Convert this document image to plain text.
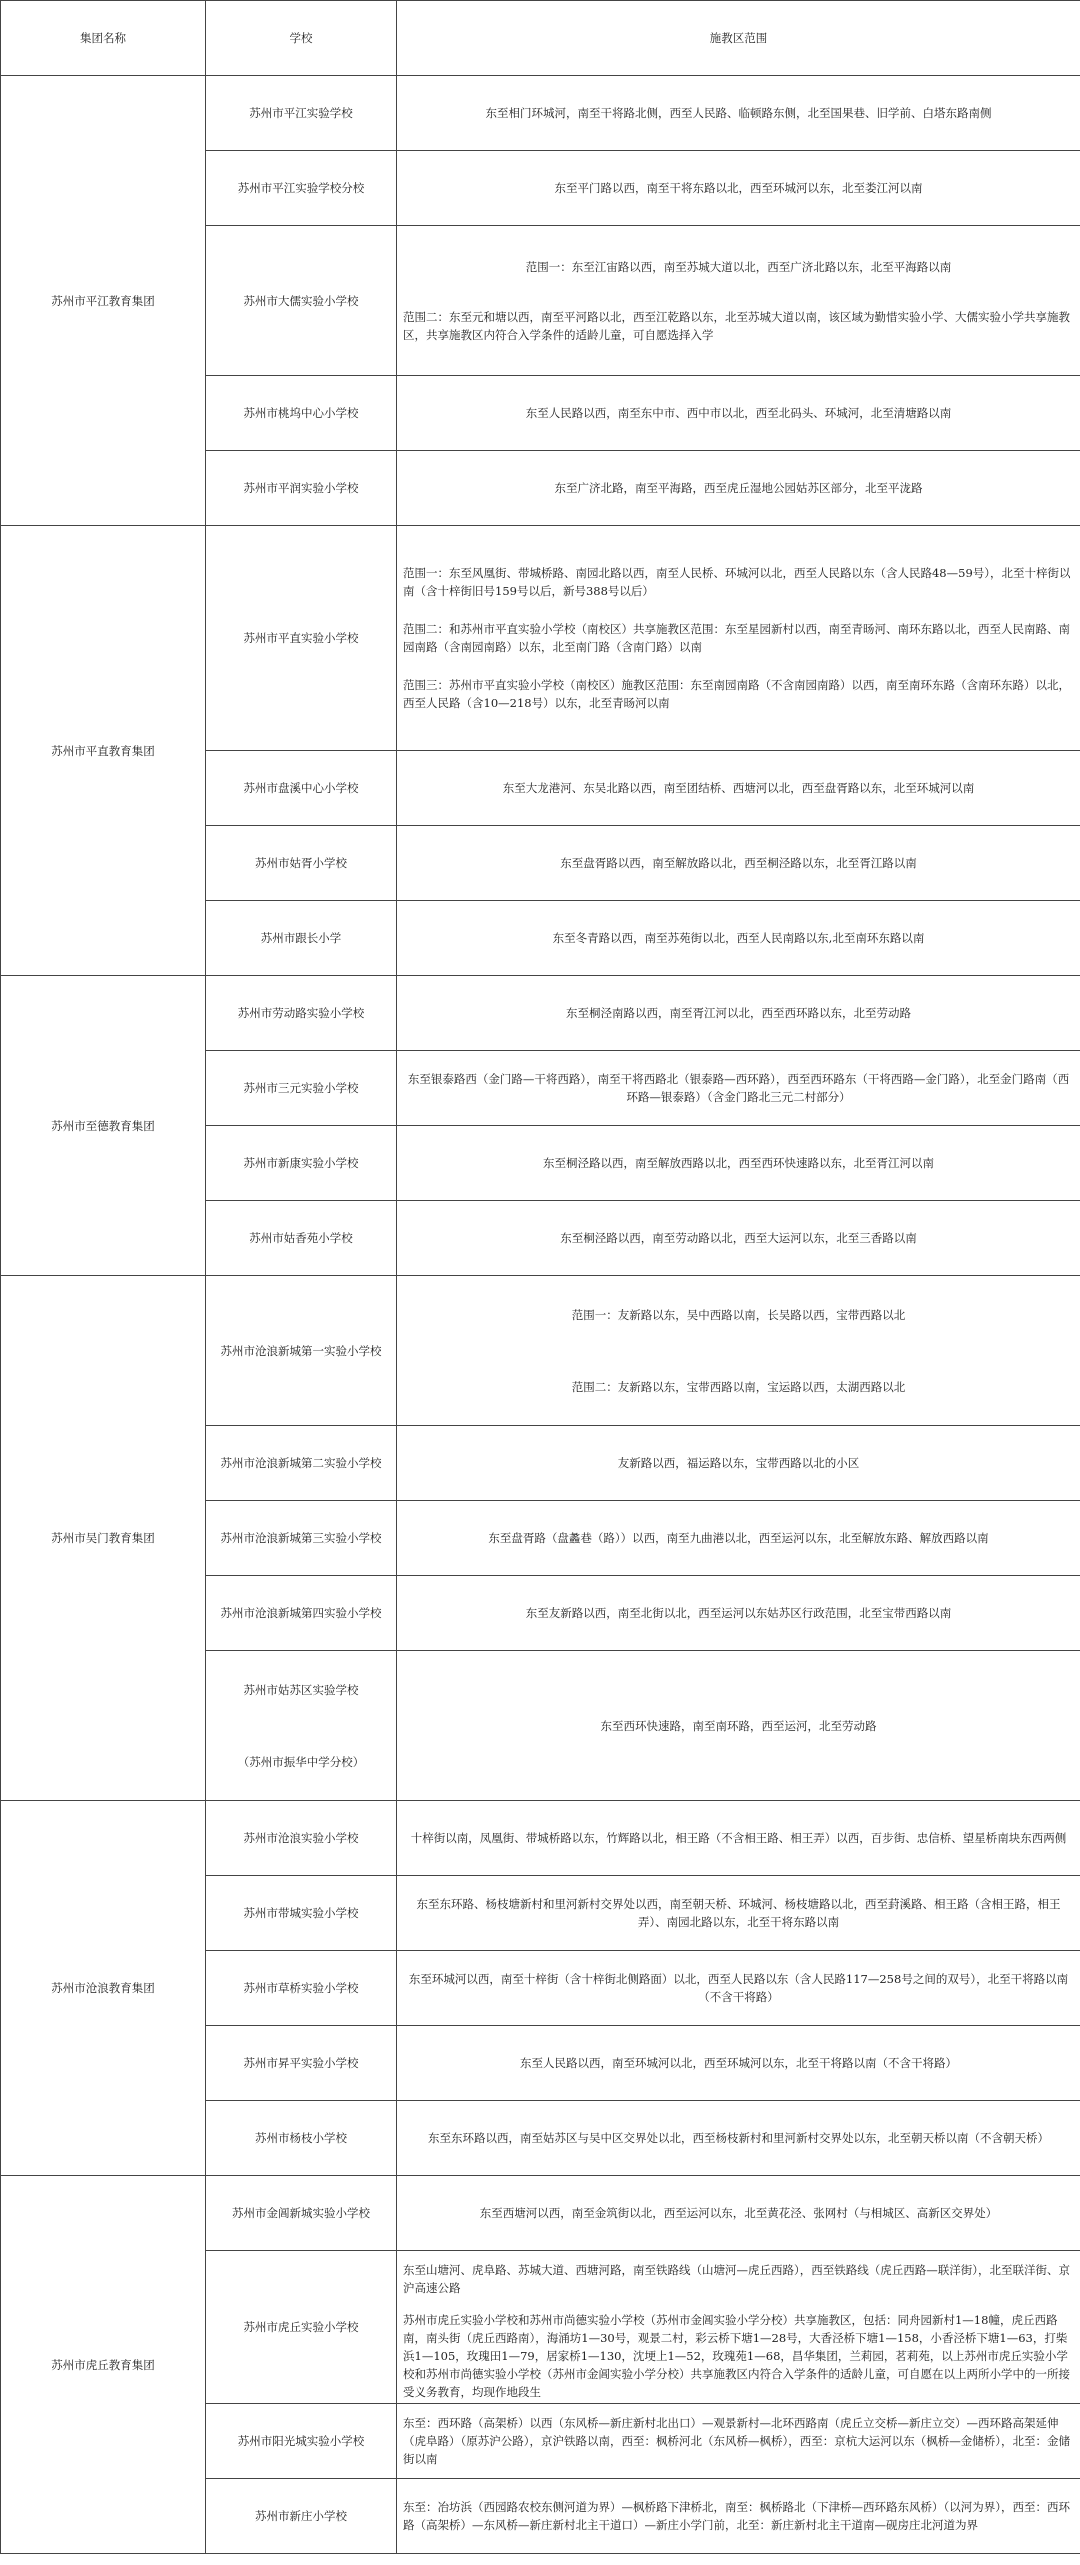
集团名称	学校	施教区范围
苏州市平江教育集团	苏州市平江实验学校	东至相门环城河，南至干将路北侧，西至人民路、临顿路东侧，北至国果巷、旧学前、白塔东路南侧
	苏州市平江实验学校分校	东至平门路以西，南至干将东路以北，西至环城河以东，北至娄江河以南
	苏州市大儒实验小学校	范围一：东至江宙路以西，南至苏城大道以北，西至广济北路以东，北至平海路以南
范围二：东至元和塘以西，南至平河路以北，西至江乾路以东，北至苏城大道以南，该区域为勤惜实验小学、大儒实验小学共享施教区，共享施教区内符合入学条件的适龄儿童，可自愿选择入学

	苏州市桃坞中心小学校	东至人民路以西，南至东中市、西中市以北，西至北码头、环城河，北至清塘路以南
	苏州市平润实验小学校	东至广济北路，南至平海路，西至虎丘湿地公园姑苏区部分，北至平泷路
苏州市平直教育集团	苏州市平直实验小学校	范围一：东至风凰街、带城桥路、南园北路以西，南至人民桥、环城河以北，西至人民路以东（含人民路48—59号），北至十梓街以南（含十梓街旧号159号以后，新号388号以后）
范围二：和苏州市平直实验小学校（南校区）共享施教区范围：东至星园新村以西，南至青旸河、南环东路以北，西至人民南路、南园南路（含南园南路）以东，北至南门路（含南门路）以南
范围三：苏州市平直实验小学校（南校区）施教区范围：东至南园南路（不含南园南路）以西，南至南环东路（含南环东路）以北，西至人民路（含10—218号）以东，北至青旸河以南

	苏州市盘溪中心小学校	东至大龙港河、东吴北路以西，南至团结桥、西塘河以北，西至盘胥路以东，北至环城河以南
	苏州市姑胥小学校	东至盘胥路以西，南至解放路以北，西至桐泾路以东，北至胥江路以南
	苏州市跟长小学	东至冬青路以西，南至苏苑街以北，西至人民南路以东,北至南环东路以南
苏州市至德教育集团	苏州市劳动路实验小学校	东至桐泾南路以西，南至胥江河以北，西至西环路以东，北至劳动路
	苏州市三元实验小学校	东至银泰路西（金门路—干将西路），南至干将西路北（银泰路—西环路），西至西环路东（干将西路—金门路），北至金门路南（西环路—银泰路）（含金门路北三元二村部分）
	苏州市新康实验小学校	东至桐泾路以西，南至解放西路以北，西至西环快速路以东，北至胥江河以南
	苏州市姑香苑小学校	东至桐泾路以西，南至劳动路以北，西至大运河以东，北至三香路以南
苏州市吴门教育集团	苏州市沧浪新城第一实验小学校	范围一：友新路以东，吴中西路以南，长吴路以西，宝带西路以北
范围二：友新路以东，宝带西路以南，宝运路以西，太湖西路以北

	苏州市沧浪新城第二实验小学校	友新路以西，福运路以东，宝带西路以北的小区
	苏州市沧浪新城第三实验小学校	东至盘胥路（盘蠡巷（路））以西，南至九曲港以北，西至运河以东，北至解放东路、解放西路以南
	苏州市沧浪新城第四实验小学校	东至友新路以西，南至北街以北，西至运河以东姑苏区行政范围，北至宝带西路以南

	苏州市姑苏区实验学校
（苏州市振华中学分校）	东至西环快速路，南至南环路，西至运河，北至劳动路
苏州市沧浪教育集团	苏州市沧浪实验小学校	十梓街以南，凤凰街、带城桥路以东，竹辉路以北，相王路（不含相王路、相王弄）以西，百步街、忠信桥、望星桥南块东西两侧
	苏州市带城实验小学校	东至东环路、杨枝塘新村和里河新村交界处以西，南至朝天桥、环城河、杨枝塘路以北，西至葑溪路、相王路（含相王路，相王弄）、南园北路以东，北至干将东路以南
	苏州市草桥实验小学校	东至环城河以西，南至十梓街（含十梓街北侧路面）以北，西至人民路以东（含人民路117—258号之间的双号），北至干将路以南（不含干将路）
	苏州市昇平实验小学校	东至人民路以西，南至环城河以北，西至环城河以东，北至干将路以南（不含干将路）
	苏州市杨枝小学校	东至东环路以西，南至姑苏区与吴中区交界处以北，西至杨枝新村和里河新村交界处以东，北至朝天桥以南（不含朝天桥）
苏州市虎丘教育集团	苏州市金阊新城实验小学校	东至西塘河以西，南至金筑街以北，西至运河以东，北至黄花泾、张网村（与相城区、高新区交界处）
	苏州市虎丘实验小学校	东至山塘河、虎阜路、苏城大道、西塘河路，南至铁路线（山塘河—虎丘西路），西至铁路线（虎丘西路—联洋街），北至联洋街、京沪高速公路
苏州市虎丘实验小学校和苏州市尚德实验小学校（苏州市金阊实验小学分校）共享施教区，包括：同舟园新村1—18幢，虎丘西路南，南头街（虎丘西路南），海涌坊1—30号，观景二村，彩云桥下塘1—28号，大香泾桥下塘1—158，小香泾桥下塘1—63，打柴浜1—105，玫瑰田1—79，居家桥1—130，沈埂上1—52，玫瑰苑1—68，昌华集团，兰莉园，茗莉苑，以上苏州市虎丘实验小学校和苏州市尚德实验小学校（苏州市金阊实验小学分校）共享施教区内符合入学条件的适龄儿童，可自愿在以上两所小学中的一所接受义务教育，均现作地段生

	苏州市阳光城实验小学校	东至：西环路（高架桥）以西（东风桥—新庄新村北出口）—观景新村—北环西路南（虎丘立交桥—新庄立交）—西环路高架延伸（虎阜路）（原苏沪公路），京沪铁路以南，西至：枫桥河北（东风桥—枫桥），西至：京杭大运河以东（枫桥—金储桥），北至：金储街以南
	苏州市新庄小学校	东至：冶坊浜（西园路农校东侧河道为界）—枫桥路下津桥北，南至：枫桥路北（下津桥—西环路东风桥）（以河为界），西至：西环路（高架桥）—东风桥—新庄新村北主干道口）—新庄小学门前，北至：新庄新村北主干道南—砚房庄北河道为界
